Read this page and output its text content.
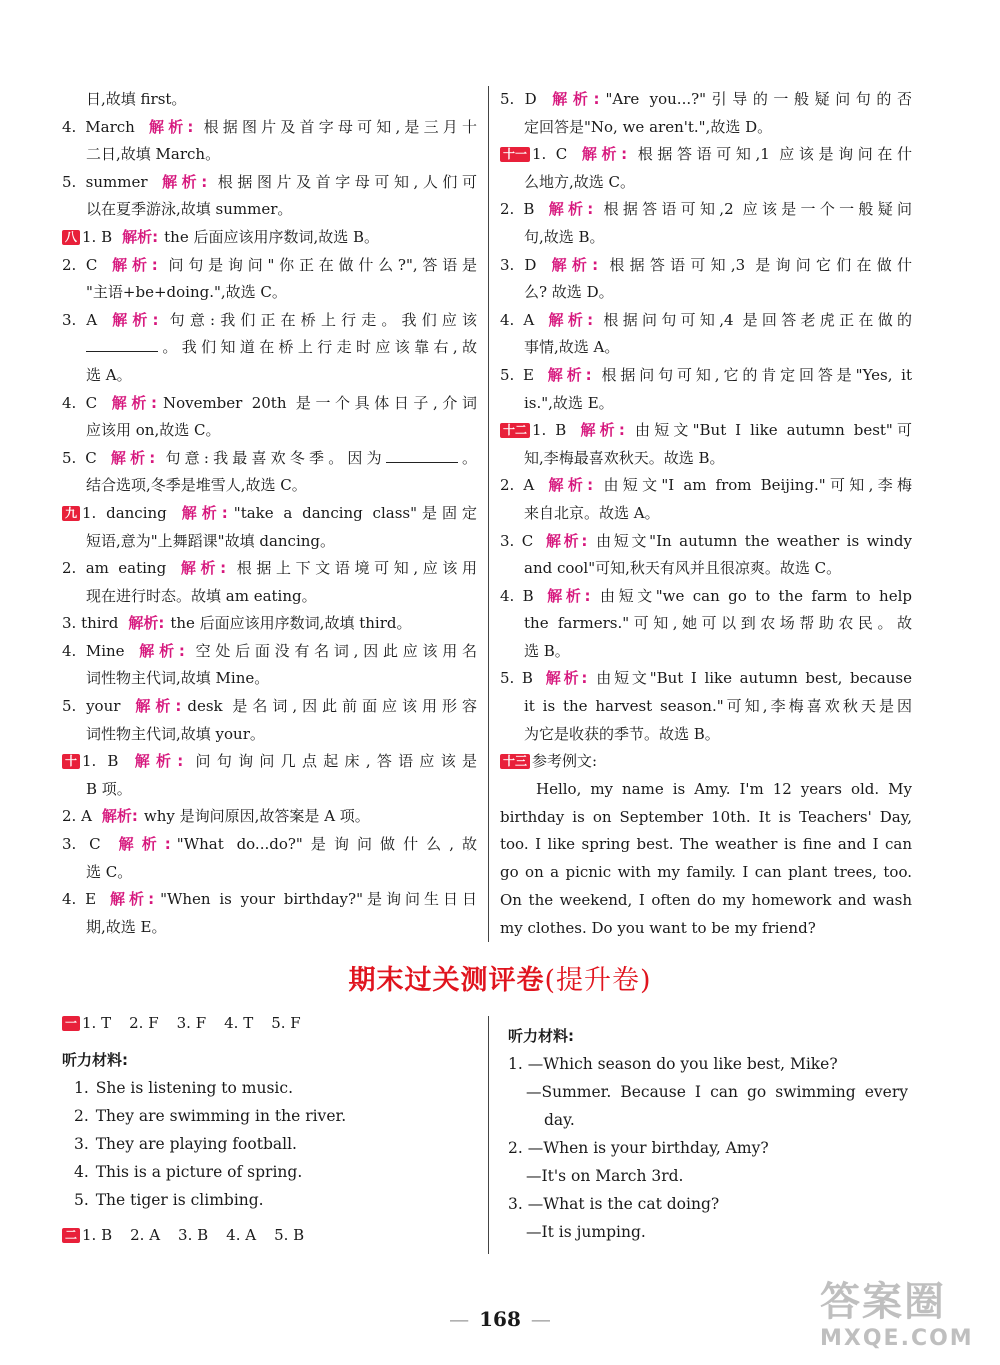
日,故填 first。
4. March 解析: 根据图片及首字母可知,是三月十
二日,故填 March。
5. summer 解析: 根据图片及首字母可知,人们可
以在夏季游泳,故填 summer。
八 1. B 解析: the 后面应该用序数词,故选 B。
2. C 解析: 问句是询问"你正在做什么?",答语是
"主语+be+doing.",故选 C。
3. A 解析: 句意:我们正在桥上行走。我们应该
。我们知道在桥上行走时应该靠右,故
选 A。
4. C 解析: November 20th 是一个具体日子,介词
应该用 on,故选 C。
5. C 解析: 句意:我最喜欢冬季。因为	。
结合选项,冬季是堆雪人,故选 C。
九 1. dancing 解析: "take a dancing class"是固定
短语,意为"上舞蹈课"故填 dancing。
2. am eating 解析: 根据上下文语境可知,应该用
现在进行时态。故填 am eating。
3. third 解析: the 后面应该用序数词,故填 third。
4. Mine 解析: 空处后面没有名词,因此应该用名
词性物主代词,故填 Mine。
5. your 解析: desk 是名词,因此前面应该用形容
词性物主代词,故填 your。
十 1. B 解析: 问句询问几点起床,答语应该是
B 项。
2. A 解析: why 是询问原因,故答案是 A 项。
3. C 解析: "What do...do?"是询问做什么,故
选 C。
4. E 解析: "When is your birthday?"是询问生日日
期,故选 E。
5. D 解析: "Are you...?"引导的一般疑问句的否
定回答是"No, we aren't.",故选 D。
十一 1. C 解析: 根据答语可知,1 应该是询问在什
么地方,故选 C。
2. B 解析: 根据答语可知,2 应该是一个一般疑问
句,故选 B。
3. D 解析: 根据答语可知,3 是询问它们在做什
么? 故选 D。
4. A 解析: 根据问句可知,4 是回答老虎正在做的
事情,故选 A。
5. E 解析: 根据问句可知,它的肯定回答是"Yes, it
is.",故选 E。
十二 1. B 解析: 由短文"But I like autumn best"可
知,李梅最喜欢秋天。故选 B。
2. A 解析: 由短文"I am from Beijing."可知,李梅
来自北京。故选 A。
3. C 解析: 由短文"In autumn the weather is windy
and cool"可知,秋天有风并且很凉爽。故选 C。
4. B 解析: 由短文"we can go to the farm to help
the farmers."可知,她可以到农场帮助农民。故
选 B。
5. B 解析: 由短文"But I like autumn best, because
it is the harvest season."可知,李梅喜欢秋天是因
为它是收获的季节。故选 B。
十三 参考例文:
Hello, my name is Amy. I'm 12 years old. My birthday is on September 10th. It is Teachers' Day, too. I like spring best. The weather is fine and I can go on a picnic with my family. I can plant trees, too. On the weekend, I often do my homework and wash my clothes. Do you want to be my friend?
期末过关测评卷(提升卷)
一 1. T 2. F 3. F 4. T 5. F
听力材料:
1. She is listening to music.
2. They are swimming in the river.
3. They are playing football.
4. This is a picture of spring.
5. The tiger is climbing.
二 1. B 2. A 3. B 4. A 5. B
听力材料:
1. —Which season do you like best, Mike?
—Summer. Because I can go swimming every
day.
2. —When is your birthday, Amy?
—It's on March 3rd.
3. —What is the cat doing?
—It is jumping.
— 168 —	答案圈
MXQE.COM
